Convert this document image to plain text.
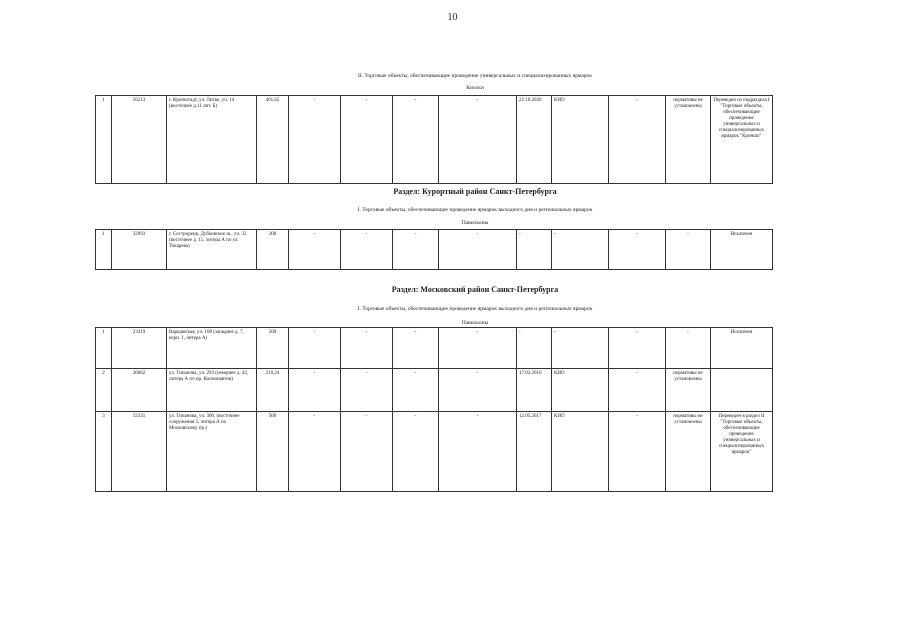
10
II. Торговые объекты, обеспечивающие проведение универсальных и специализированных ярмарок
Киоски
1	56213	г. Кронштадт, ул. Литке, уч. 14 (восточнее д.11 лит. Б)	401,65	-	-	-	-	22.10.2020	КИО	-	нормативы не установлены	Переведен из подраздела I "Торговые объекты, обеспечивающие проведение универсальных и специализированных ярмарок "Кроншл"
Раздел: Курортный район Санкт-Петербурга
I. Торговые объекты, обеспечивающие проведение ярмарок выходного дня и региональных ярмарок
Павильоны
1	32993	г. Сестрорецк, Дубковское ш., уч. 33 (восточнее д. 15, литера А по ул. Токарева)	300	-	-	-	-	-	-	-	-	Исключен
Раздел: Московский район Санкт-Петербурга
I. Торговые объекты, обеспечивающие проведение ярмарок выходного дня и региональных ярмарок
Павильоны
1	23419	Варшавская, уч. 108 (западнее д. 7, корп. 1, литера А)	500	-	-	-	-	-	-	-	-	Исключен
2	36662	ул. Типанова, уч. 293 (севернее д. 42, литера А по пр. Космонавтов)	210,24	-	-	-	-	17.03.2016	КИО	-	нормативы не установлены	
3	32331	ул. Типанова, уч. 300, (восточнее сооружения 2, литера А по Московскому пр.)	500	-	-	-	-	12.05.2017	КИО	-	нормативы не установлены	Переведен в раздел II "Торговые объекты, обеспечивающие проведение универсальных и специализированных ярмарок"
